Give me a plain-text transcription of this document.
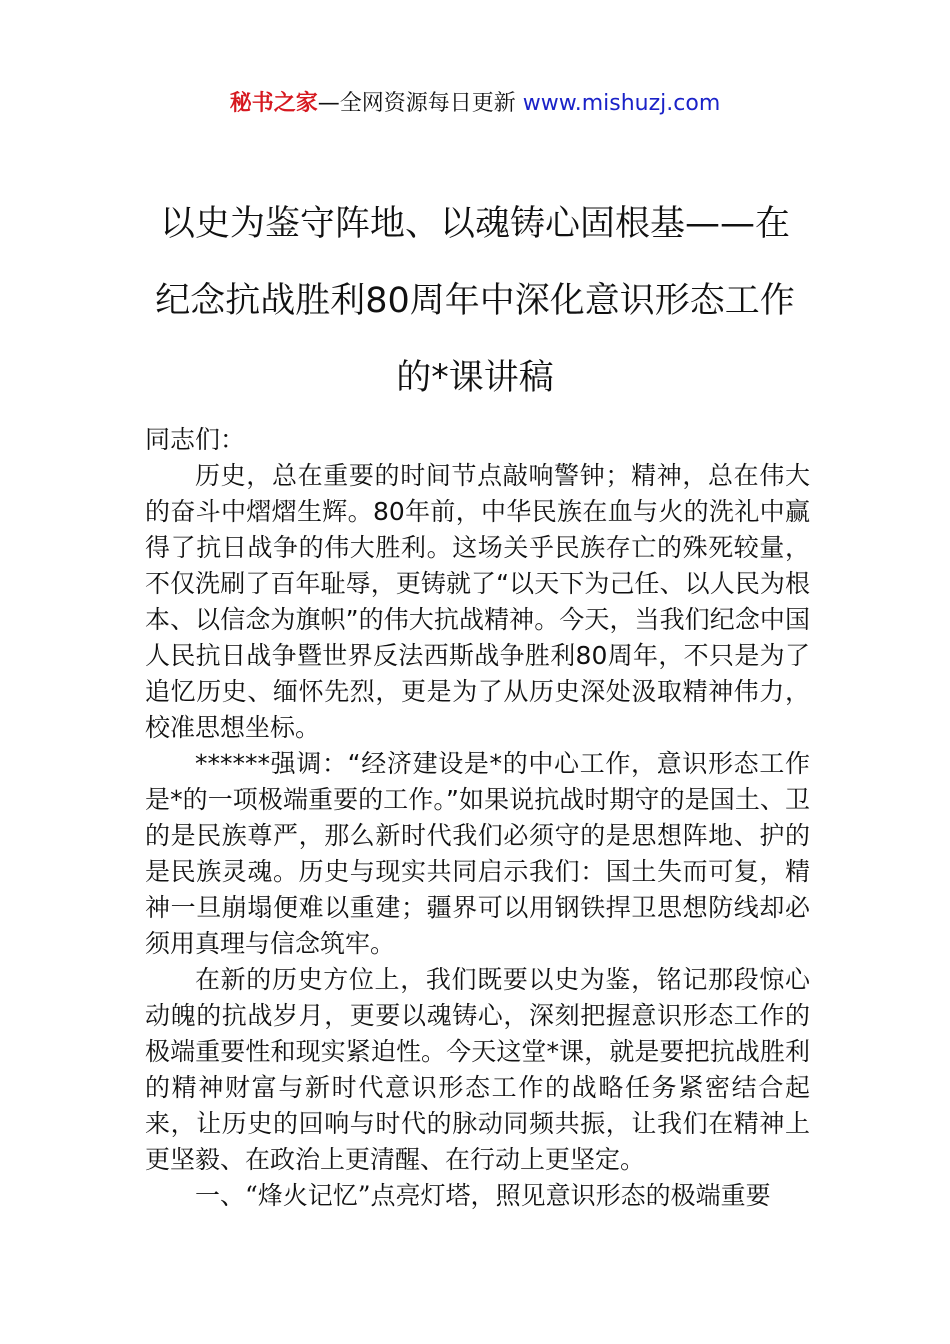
秘书之家—全网资源每日更新 www.mishuzj.com
以史为鉴守阵地、以魂铸心固根基——在
纪念抗战胜利80周年中深化意识形态工作
的*课讲稿

同志们：

历史，总在重要的时间节点敲响警钟；精神，总在伟大的奋斗中熠熠生辉。80年前，中华民族在血与火的洗礼中赢得了抗日战争的伟大胜利。这场关乎民族存亡的殊死较量，不仅洗刷了百年耻辱，更铸就了“以天下为己任、以人民为根本、以信念为旗帜”的伟大抗战精神。今天，当我们纪念中国人民抗日战争暨世界反法西斯战争胜利80周年，不只是为了追忆历史、缅怀先烈，更是为了从历史深处汲取精神伟力，校准思想坐标。

******强调：“经济建设是*的中心工作，意识形态工作是*的一项极端重要的工作。”如果说抗战时期守的是国土、卫的是民族尊严，那么新时代我们必须守的是思想阵地、护的是民族灵魂。历史与现实共同启示我们：国土失而可复，精神一旦崩塌便难以重建；疆界可以用钢铁捍卫思想防线却必须用真理与信念筑牢。

在新的历史方位上，我们既要以史为鉴，铭记那段惊心动魄的抗战岁月，更要以魂铸心，深刻把握意识形态工作的极端重要性和现实紧迫性。今天这堂*课，就是要把抗战胜利的精神财富与新时代意识形态工作的战略任务紧密结合起来，让历史的回响与时代的脉动同频共振，让我们在精神上更坚毅、在政治上更清醒、在行动上更坚定。

一、“烽火记忆”点亮灯塔，照见意识形态的极端重要
